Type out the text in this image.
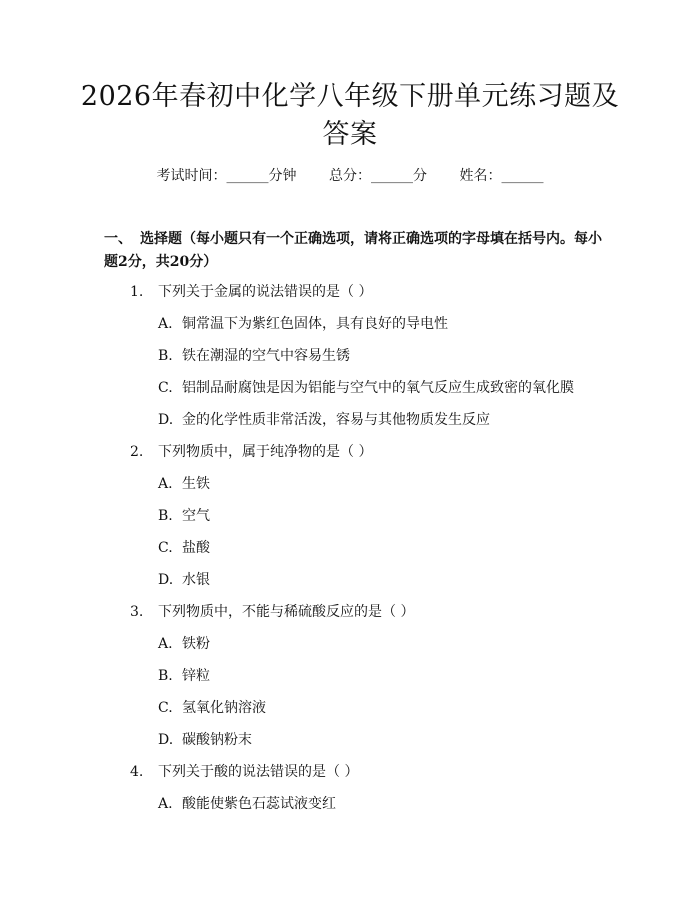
2026年春初中化学八年级下册单元练习题及答案
考试时间：______分钟 总分：______分 姓名：______

一、 选择题（每小题只有一个正确选项，请将正确选项的字母填在括号内。每小题2分，共20分）

1.	下列关于金属的说法错误的是（ ）
A. 铜常温下为紫红色固体，具有良好的导电性
B. 铁在潮湿的空气中容易生锈
C. 铝制品耐腐蚀是因为铝能与空气中的氧气反应生成致密的氧化膜
D. 金的化学性质非常活泼，容易与其他物质发生反应
2.	下列物质中，属于纯净物的是（ ）
A. 生铁
B. 空气
C. 盐酸
D. 水银
3.	下列物质中，不能与稀硫酸反应的是（ ）
A. 铁粉
B. 锌粒
C. 氢氧化钠溶液
D. 碳酸钠粉末
4.	下列关于酸的说法错误的是（ ）
A. 酸能使紫色石蕊试液变红
